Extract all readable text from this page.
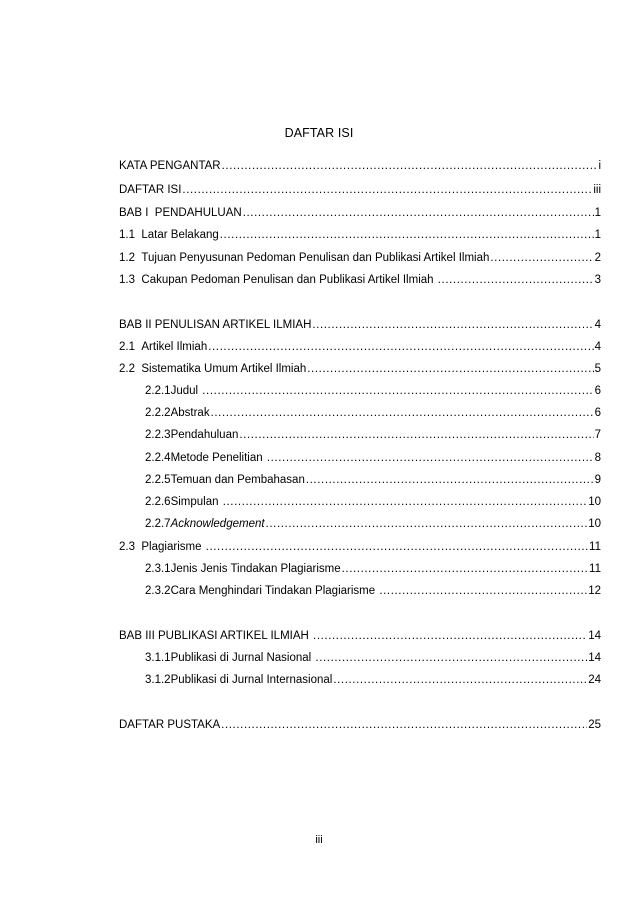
DAFTAR ISI
KATA PENGANTAR .....	i
DAFTAR ISI .....	iii
BAB I  PENDAHULUAN .....	1
1.1  Latar Belakang .....	1
1.2  Tujuan Penyusunan Pedoman Penulisan dan Publikasi Artikel Ilmiah .....	2
1.3  Cakupan Pedoman Penulisan dan Publikasi Artikel Ilmiah .....	3
BAB II PENULISAN ARTIKEL ILMIAH .....	4
2.1  Artikel Ilmiah .....	4
2.2  Sistematika Umum Artikel Ilmiah .....	5
2.2.1Judul .....	6
2.2.2Abstrak .....	6
2.2.3Pendahuluan .....	7
2.2.4Metode Penelitian .....	8
2.2.5Temuan dan Pembahasan .....	9
2.2.6Simpulan .....	10
2.2.7Acknowledgement .....	10
2.3  Plagiarisme .....	11
2.3.1Jenis Jenis Tindakan Plagiarisme .....	11
2.3.2Cara Menghindari Tindakan Plagiarisme .....	12
BAB III PUBLIKASI ARTIKEL ILMIAH .....	14
3.1.1Publikasi di Jurnal Nasional .....	14
3.1.2Publikasi di Jurnal Internasional .....	24
DAFTAR PUSTAKA .....	25
iii
